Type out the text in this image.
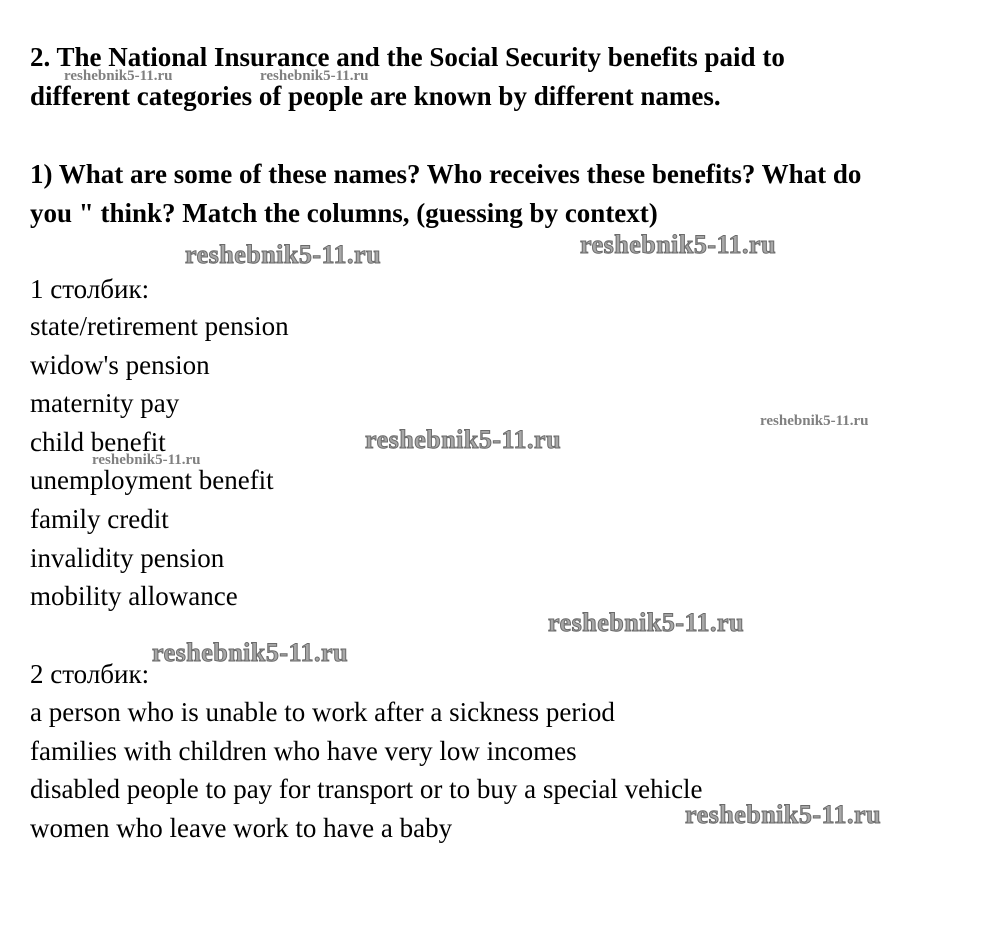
2. The National Insurance and the Social Security benefits paid to
different categories of people are known by different names.
1) What are some of these names? Who receives these benefits? What do
you " think? Match the columns, (guessing by context)
1 столбик:
state/retirement pension
widow's pension
maternity pay
child benefit
unemployment benefit
family credit
invalidity pension
mobility allowance
2 столбик:
a person who is unable to work after a sickness period
families with children who have very low incomes
disabled people to pay for transport or to buy a special vehicle
women who leave work to have a baby
reshebnik5-11.ru	reshebnik5-11.ru
reshebnik5-11.ru	reshebnik5-11.ru
reshebnik5-11.ru
reshebnik5-11.ru
reshebnik5-11.ru
reshebnik5-11.ru
reshebnik5-11.ru
reshebnik5-11.ru
